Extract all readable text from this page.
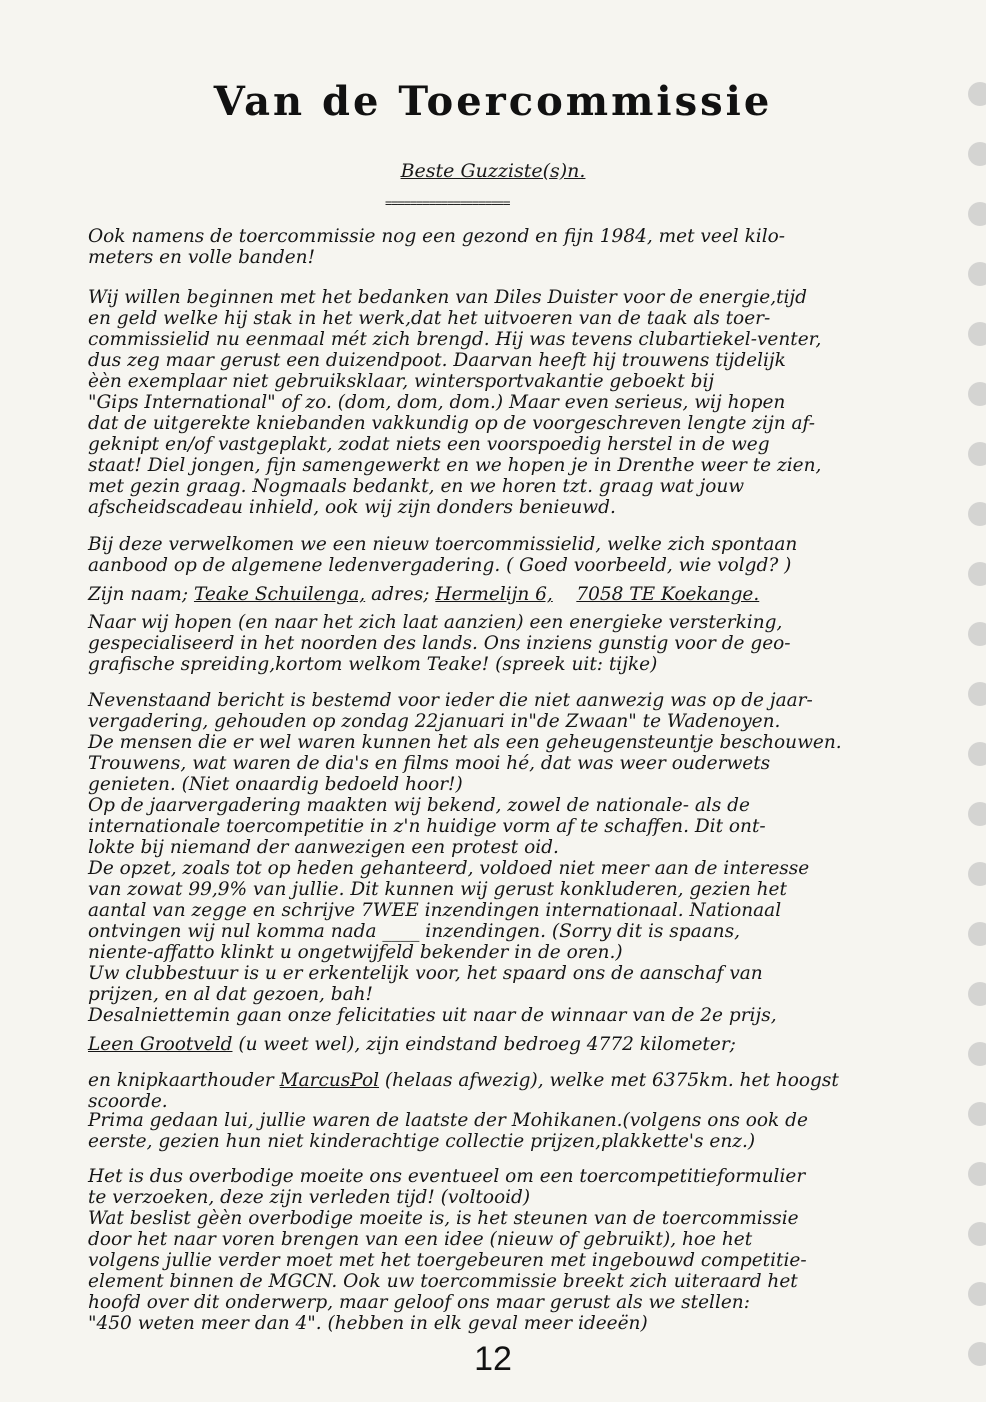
Van de Toercommissie
Beste Guzziste(s)n.
====================

Ook namens de toercommissie nog een gezond en fijn 1984, met veel kilo-

meters en volle banden!

Wij willen beginnen met het bedanken van Diles Duister voor de energie,tijd

en geld welke hij stak in het werk,dat het uitvoeren van de taak als toer-

commissielid nu eenmaal mét zich brengd. Hij was tevens clubartiekel-venter,

dus zeg maar gerust een duizendpoot. Daarvan heeft hij trouwens tijdelijk

èèn exemplaar niet gebruiksklaar, wintersportvakantie geboekt bij

"Gips International" of zo. (dom, dom, dom.) Maar even serieus, wij hopen

dat de uitgerekte kniebanden vakkundig op de voorgeschreven lengte zijn af-

geknipt en/of vastgeplakt, zodat niets een voorspoedig herstel in de weg

staat! Diel jongen, fijn samengewerkt en we hopen je in Drenthe weer te zien,

met gezin graag. Nogmaals bedankt, en we horen tzt. graag wat jouw

afscheidscadeau inhield, ook wij zijn donders benieuwd.

Bij deze verwelkomen we een nieuw toercommissielid, welke zich spontaan

aanbood op de algemene ledenvergadering. ( Goed voorbeeld, wie volgd? )

Zijn naam; Teake Schuilenga, adres; Hermelijn 6, 7058 TE Koekange.

Naar wij hopen (en naar het zich laat aanzien) een energieke versterking,

gespecialiseerd in het noorden des lands. Ons inziens gunstig voor de geo-

grafische spreiding,kortom welkom Teake! (spreek uit: tijke)

Nevenstaand bericht is bestemd voor ieder die niet aanwezig was op de jaar-

vergadering, gehouden op zondag 22januari in"de Zwaan" te Wadenoyen.

De mensen die er wel waren kunnen het als een geheugensteuntje beschouwen.

Trouwens, wat waren de dia's en films mooi hé, dat was weer ouderwets

genieten. (Niet onaardig bedoeld hoor!)

Op de jaarvergadering maakten wij bekend, zowel de nationale- als de

internationale toercompetitie in z'n huidige vorm af te schaffen. Dit ont-

lokte bij niemand der aanwezigen een protest oid.

De opzet, zoals tot op heden gehanteerd, voldoed niet meer aan de interesse

van zowat 99,9% van jullie. Dit kunnen wij gerust konkluderen, gezien het

aantal van zegge en schrijve 7WEE inzendingen internationaal. Nationaal

ontvingen wij nul komma nada ____ inzendingen. (Sorry dit is spaans,

niente-affatto klinkt u ongetwijfeld bekender in de oren.)

Uw clubbestuur is u er erkentelijk voor, het spaard ons de aanschaf van

prijzen, en al dat gezoen, bah!

Desalniettemin gaan onze felicitaties uit naar de winnaar van de 2e prijs,

Leen Grootveld (u weet wel), zijn eindstand bedroeg 4772 kilometer;

en knipkaarthouder MarcusPol (helaas afwezig), welke met 6375km. het hoogst

scoorde.

Prima gedaan lui, jullie waren de laatste der Mohikanen.(volgens ons ook de

eerste, gezien hun niet kinderachtige collectie prijzen,plakkette's enz.)

Het is dus overbodige moeite ons eventueel om een toercompetitieformulier

te verzoeken, deze zijn verleden tijd! (voltooid)

Wat beslist gèèn overbodige moeite is, is het steunen van de toercommissie

door het naar voren brengen van een idee (nieuw of gebruikt), hoe het

volgens jullie verder moet met het toergebeuren met ingebouwd competitie-

element binnen de MGCN. Ook uw toercommissie breekt zich uiteraard het

hoofd over dit onderwerp, maar geloof ons maar gerust als we stellen:

"450 weten meer dan 4". (hebben in elk geval meer ideeën)

12
